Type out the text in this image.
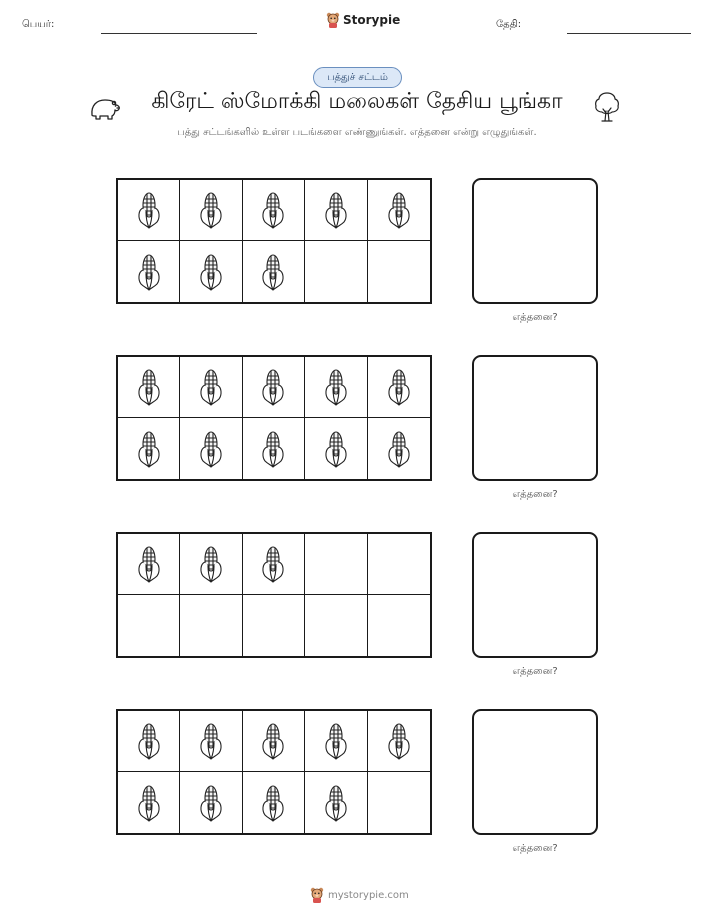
பெயர்:	Storypie	தேதி:
பத்துச் சட்டம்
கிரேட் ஸ்மோக்கி மலைகள் தேசிய பூங்கா
பத்து சட்டங்களில் உள்ள படங்களை எண்ணுங்கள். எத்தனை என்று எழுதுங்கள்.
எத்தனை?
எத்தனை?
எத்தனை?
எத்தனை?
mystorypie.com
